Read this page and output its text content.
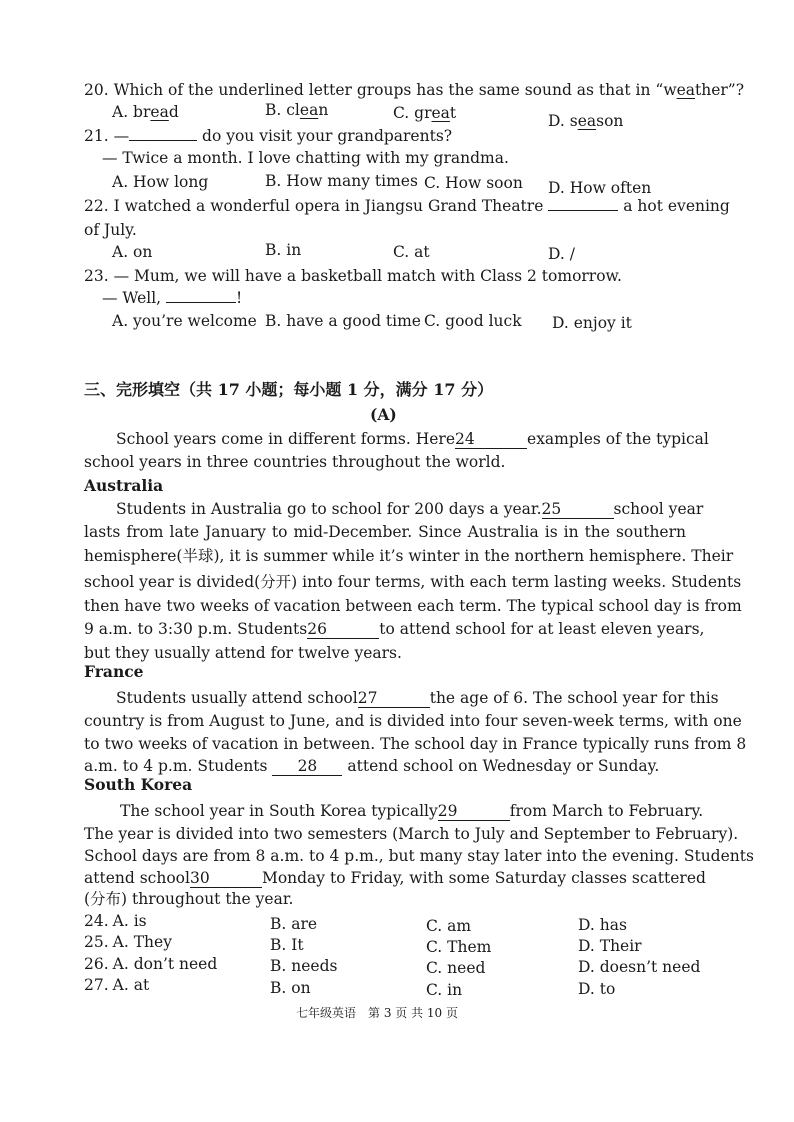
20. Which of the underlined letter groups has the same sound as that in “weather”?
A. bread	B. clean	C. great	D. season
21. —	do you visit your grandparents?
— Twice a month. I love chatting with my grandma.
A. How long	B. How many times C. How soon D. How often
22. I watched a wonderful opera in Jiangsu Grand Theatre	a hot evening
of July.
A. on	B. in	C. at	D. /
23. — Mum, we will have a basketball match with Class 2 tomorrow.
— Well,	!
A. you’re welcome B. have a good time C. good luck D. enjoy it
三、完形填空（共 17 小题；每小题 1 分，满分 17 分）
(A)
School years come in different forms. Here24	examples of the typical
school years in three countries throughout the world.
Australia
Students in Australia go to school for 200 days a year.25	school year
lasts from late January to mid-December. Since Australia is in the southern
hemisphere(半球), it is summer while it’s winter in the northern hemisphere. Their
school year is divided(分开) into four terms, with each term lasting weeks. Students
then have two weeks of vacation between each term. The typical school day is from
9 a.m. to 3:30 p.m. Students26	to attend school for at least eleven years,
but they usually attend for twelve years.
France
Students usually attend school27	the age of 6. The school year for this
country is from August to June, and is divided into four seven-week terms, with one
to two weeks of vacation in between. The school day in France typically runs from 8
a.m. to 4 p.m. Students 28 attend school on Wednesday or Sunday.
South Korea
The school year in South Korea typically29	from March to February.
The year is divided into two semesters (March to July and September to February).
School days are from 8 a.m. to 4 p.m., but many stay later into the evening. Students
attend school30	Monday to Friday, with some Saturday classes scattered
(分布) throughout the year.
24. A. is	B. are	C. am	D. has
25. A. They	B. It	C. Them	D. Their
26. A. don’t need	B. needs	C. need	D. doesn’t need
27. A. at	B. on	C. in	D. to
七年级英语　第 3 页 共 10 页
